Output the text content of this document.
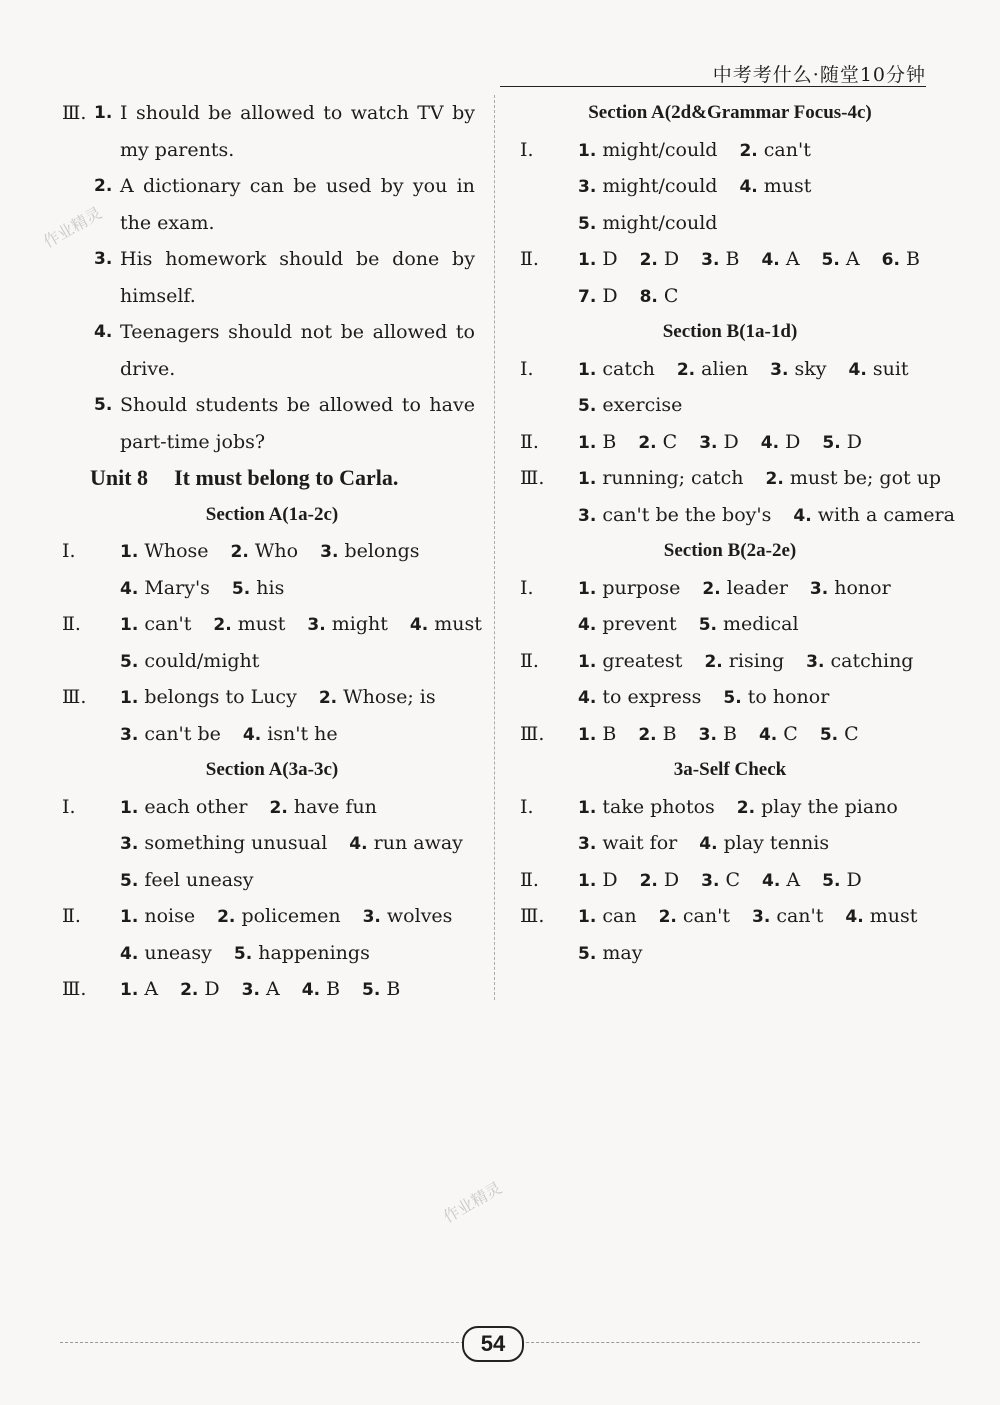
中考考什么·随堂10分钟
作业精灵
作业精灵
Ⅲ. 1. I should be allowed to watch TV by
my parents.
2. A dictionary can be used by you in
the exam.
3. His homework should be done by
himself.
4. Teenagers should not be allowed to
drive.
5. Should students be allowed to have
part-time jobs?
Unit 8 It must belong to Carla.
Section A(1a-2c)
Ⅰ.	1. Whose 2. Who 3. belongs
4. Mary's 5. his
Ⅱ.	1. can't 2. must 3. might 4. must
5. could/might
Ⅲ.	1. belongs to Lucy 2. Whose; is
3. can't be 4. isn't he
Section A(3a-3c)
Ⅰ.	1. each other 2. have fun
3. something unusual 4. run away
5. feel uneasy
Ⅱ.	1. noise 2. policemen 3. wolves
4. uneasy 5. happenings
Ⅲ.	1. A 2. D 3. A 4. B 5. B
Section A(2d&Grammar Focus-4c)
Ⅰ.	1. might/could 2. can't
3. might/could 4. must
5. might/could
Ⅱ.	1. D 2. D 3. B 4. A 5. A 6. B
7. D 8. C
Section B(1a-1d)
Ⅰ.	1. catch 2. alien 3. sky 4. suit
5. exercise
Ⅱ.	1. B 2. C 3. D 4. D 5. D
Ⅲ.	1. running; catch 2. must be; got up
3. can't be the boy's 4. with a camera
Section B(2a-2e)
Ⅰ.	1. purpose 2. leader 3. honor
4. prevent 5. medical
Ⅱ.	1. greatest 2. rising 3. catching
4. to express 5. to honor
Ⅲ.	1. B 2. B 3. B 4. C 5. C
3a-Self Check
Ⅰ.	1. take photos 2. play the piano
3. wait for 4. play tennis
Ⅱ.	1. D 2. D 3. C 4. A 5. D
Ⅲ.	1. can 2. can't 3. can't 4. must
5. may
54
